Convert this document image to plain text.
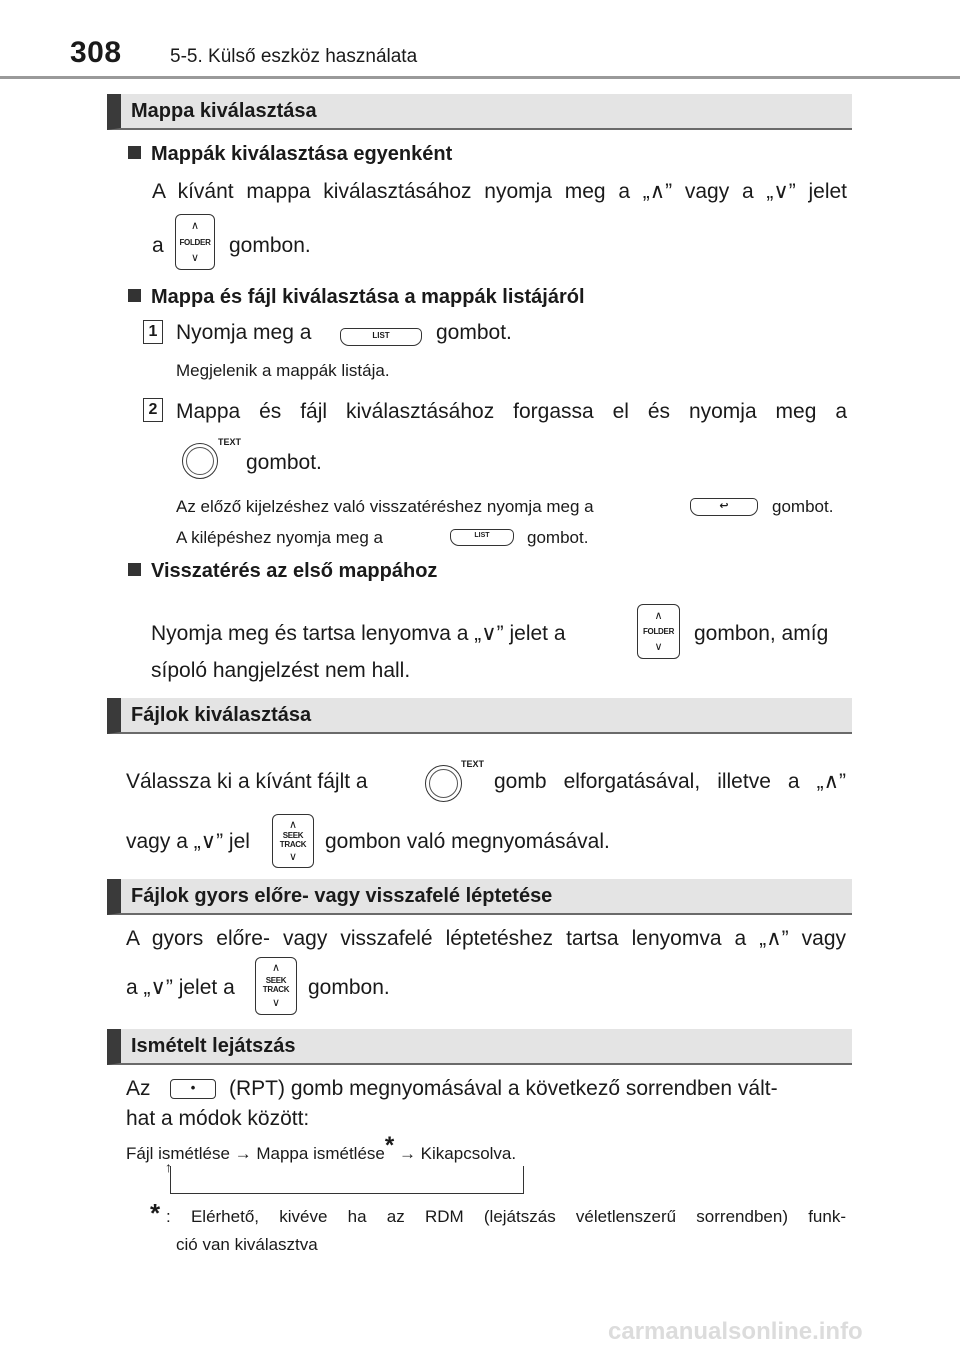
308	5-5. Külső eszköz használata
Mappa kiválasztása
Mappák kiválasztása egyenként
A kívánt mappa kiválasztásához nyomja meg a „∧” vagy a „∨” jelet
a
∧
FOLDER
∨
gombon.
Mappa és fájl kiválasztása a mappák listájáról
1 Nyomja meg a	LIST	gombot.
Megjelenik a mappák listája.
2 Mappa és fájl kiválasztásához forgassa el és nyomja meg a
TEXT
gombot.
Az előző kijelzéshez való visszatéréshez nyomja meg a	↩	gombot.
A kilépéshez nyomja meg a	LIST	gombot.
Visszatérés az első mappához
Nyomja meg és tartsa lenyomva a „∨” jelet a
∧
FOLDER
∨
gombon, amíg
sípoló hangjelzést nem hall.
Fájlok kiválasztása
Válassza ki a kívánt fájlt a
TEXT
gomb elforgatásával, illetve a „∧”
vagy a „∨” jel
∧
SEEK
TRACK
∨
gombon való megnyomásával.
Fájlok gyors előre- vagy visszafelé léptetése
A gyors előre- vagy visszafelé léptetéshez tartsa lenyomva a „∧” vagy
a „∨” jelet a
∧
SEEK
TRACK
∨
gombon.
Ismételt lejátszás
Az	•	(RPT) gomb megnyomásával a következő sorrendben vált-
hat a módok között:
Fájl ismétlése → Mappa ismétlése* → Kikapcsolva.
↑
* : Elérhető, kivéve ha az RDM (lejátszás véletlenszerű sorrendben) funk-
ció van kiválasztva
carmanualsonline.info
